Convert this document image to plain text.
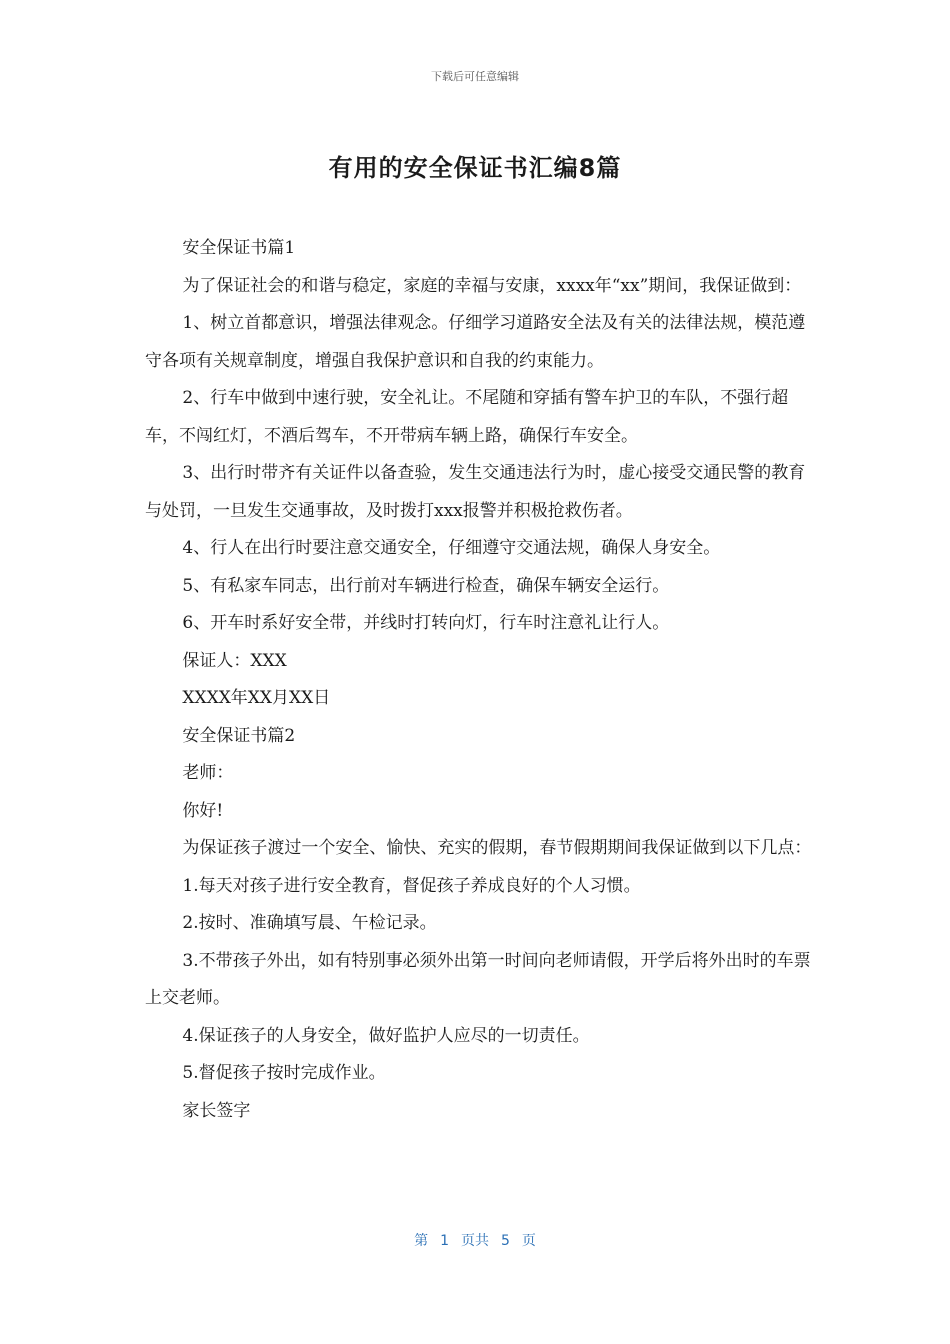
下载后可任意编辑
有用的安全保证书汇编8篇

安全保证书篇1

为了保证社会的和谐与稳定，家庭的幸福与安康，xxxx年“xx”期间，我保证做到：

1、树立首都意识，增强法律观念。仔细学习道路安全法及有关的法律法规，模范遵守各项有关规章制度，增强自我保护意识和自我的约束能力。

2、行车中做到中速行驶，安全礼让。不尾随和穿插有警车护卫的车队，不强行超车，不闯红灯，不酒后驾车，不开带病车辆上路，确保行车安全。

3、出行时带齐有关证件以备查验，发生交通违法行为时，虚心接受交通民警的教育与处罚，一旦发生交通事故，及时拨打xxx报警并积极抢救伤者。

4、行人在出行时要注意交通安全，仔细遵守交通法规，确保人身安全。

5、有私家车同志，出行前对车辆进行检查，确保车辆安全运行。

6、开车时系好安全带，并线时打转向灯，行车时注意礼让行人。

保证人：XXX

XXXX年XX月XX日

安全保证书篇2

老师：

你好!

为保证孩子渡过一个安全、愉快、充实的假期，春节假期期间我保证做到以下几点：

1.每天对孩子进行安全教育，督促孩子养成良好的个人习惯。

2.按时、准确填写晨、午检记录。

3.不带孩子外出，如有特别事必须外出第一时间向老师请假，开学后将外出时的车票上交老师。

4.保证孩子的人身安全，做好监护人应尽的一切责任。

5.督促孩子按时完成作业。

家长签字

第 1 页共 5 页
